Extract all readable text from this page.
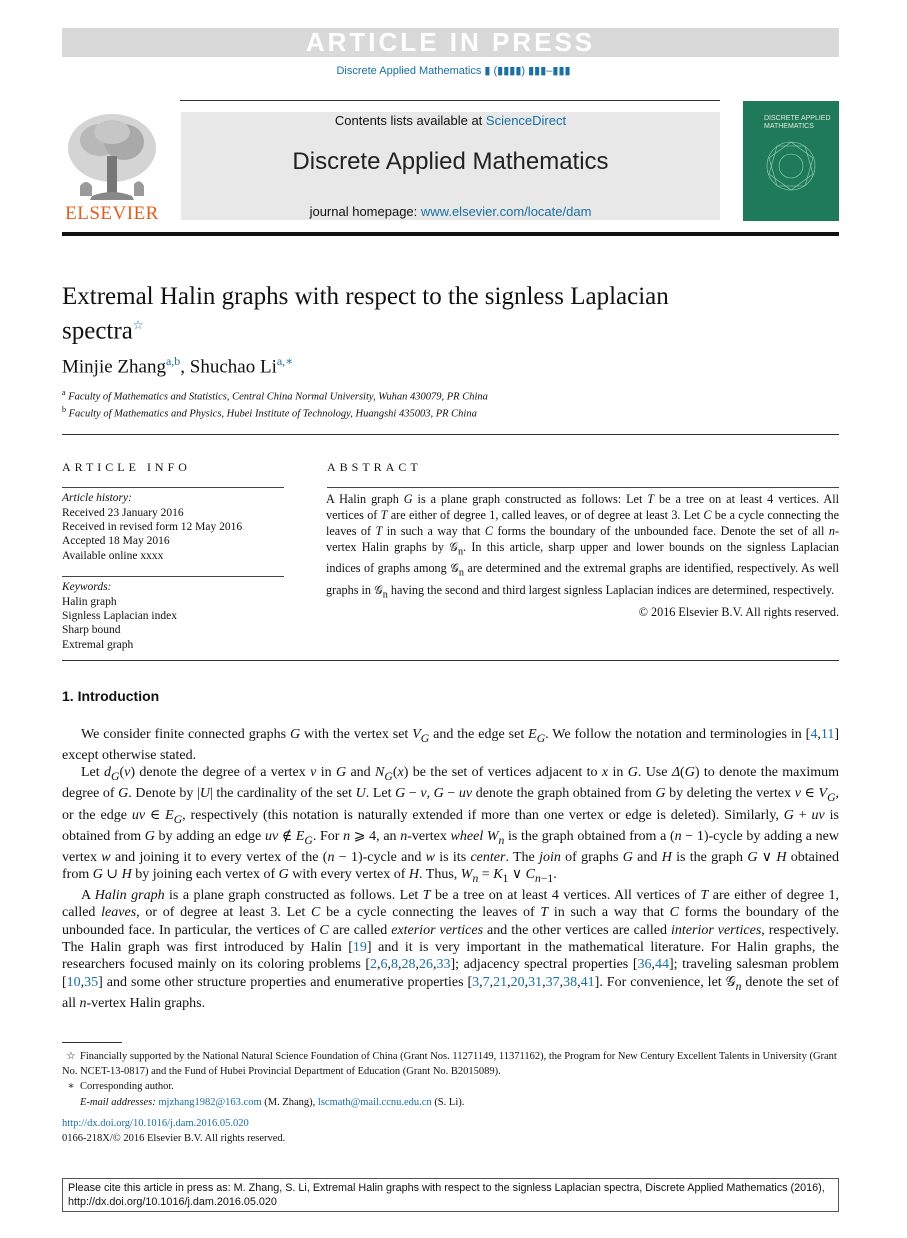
ARTICLE IN PRESS
Discrete Applied Mathematics ▮ (▮▮▮▮) ▮▮▮–▮▮▮
ELSEVIER
Contents lists available at ScienceDirect
Discrete Applied Mathematics
journal homepage: www.elsevier.com/locate/dam
DISCRETE APPLIED MATHEMATICS
Extremal Halin graphs with respect to the signless Laplacian
spectra☆
Minjie Zhang$^{a,b}$, Shuchao $Li^{a,∗}$
$^a$ Faculty of Mathematics and Statistics, Central China Normal University, Wuhan 430079, PR China
$^b$ Faculty of Mathematics and Physics, Hubei Institute of Technology, Huangshi 435003, PR China
ARTICLE INFO
Article history:
Received 23 January 2016
Received in revised form 12 May 2016
Accepted 18 May 2016
Available online xxxx
Keywords:
Halin graph
Signless Laplacian index
Sharp bound
Extremal graph
ABSTRACT
A Halin graph G is a plane graph constructed as follows: Let T be a tree on at least 4 vertices. All vertices of T are either of degree 1, called leaves, or of degree at least 3. Let C be a cycle connecting the leaves of T in such a way that C forms the boundary of the unbounded face. Denote the set of all n-vertex Halin graphs by 𝒢$_n$. In this article, sharp upper and lower bounds on the signless Laplacian indices of graphs among 𝒢$_n$ are determined and the extremal graphs are identified, respectively. As well graphs in 𝒢$_n$ having the second and third largest signless Laplacian indices are determined, respectively.
© 2016 Elsevier B.V. All rights reserved.
1. Introduction

We consider finite connected graphs G with the vertex set $V_G$ and the edge set $E_G$. We follow the notation and terminologies in [4,11] except otherwise stated.

Let $d_G(v)$ denote the degree of a vertex v in G and $N_G(x)$ be the set of vertices adjacent to x in G. Use Δ(G) to denote the maximum degree of G. Denote by |U| the cardinality of the set U. Let G − v, G − uv denote the graph obtained from G by deleting the vertex v ∈ $V_G$, or the edge uv ∈ $E_G$, respectively (this notation is naturally extended if more than one vertex or edge is deleted). Similarly, G + uv is obtained from G by adding an edge uv ∉ $E_G$. For n ⩾ 4, an n-vertex wheel $W_n$ is the graph obtained from a (n − 1)-cycle by adding a new vertex w and joining it to every vertex of the (n − 1)-cycle and w is its center. The join of graphs G and H is the graph G ∨ H obtained from G ∪ H by joining each vertex of G with every vertex of H. Thus, $W_n = K_1$ ∨ $C_{n-1}$.

A Halin graph is a plane graph constructed as follows. Let T be a tree on at least 4 vertices. All vertices of T are either of degree 1, called leaves, or of degree at least 3. Let C be a cycle connecting the leaves of T in such a way that C forms the boundary of the unbounded face. In particular, the vertices of C are called exterior vertices and the other vertices are called interior vertices, respectively. The Halin graph was first introduced by Halin [19] and it is very important in the mathematical literature. For Halin graphs, the researchers focused mainly on its coloring problems [2,6,8,28,26,33]; adjacency spectral properties [36,44]; traveling salesman problem [10,35] and some other structure properties and enumerative properties [3,7,21,20,31,37,38,41]. For convenience, let 𝒢$_n$ denote the set of all n-vertex Halin graphs.

☆ Financially supported by the National Natural Science Foundation of China (Grant Nos. 11271149, 11371162), the Program for New Century Excellent Talents in University (Grant No. NCET-13-0817) and the Fund of Hubei Provincial Department of Education (Grant No. B2015089).
∗ Corresponding author.
E-mail addresses: mjzhang1982@163.com (M. Zhang), lscmath@mail.ccnu.edu.cn (S. Li).
http://dx.doi.org/10.1016/j.dam.2016.05.020
0166-218X/© 2016 Elsevier B.V. All rights reserved.
Please cite this article in press as: M. Zhang, S. Li, Extremal Halin graphs with respect to the signless Laplacian spectra, Discrete Applied Mathematics (2016), http://dx.doi.org/10.1016/j.dam.2016.05.020
